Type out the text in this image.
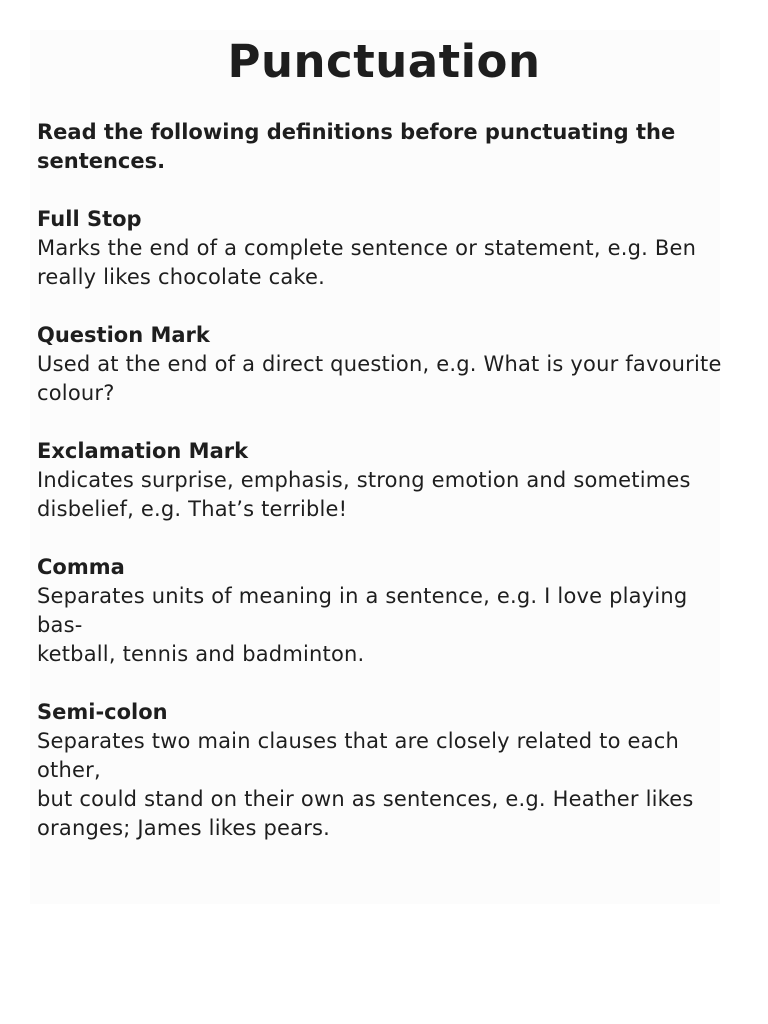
Punctuation

Read the following definitions before punctuating the
sentences.

Full Stop

Marks the end of a complete sentence or statement, e.g. Ben
really likes chocolate cake.

Question Mark

Used at the end of a direct question, e.g. What is your favourite
colour?

Exclamation Mark

Indicates surprise, emphasis, strong emotion and sometimes
disbelief, e.g. That’s terrible!

Comma

Separates units of meaning in a sentence, e.g. I love playing bas-
ketball, tennis and badminton.

Semi-colon

Separates two main clauses that are closely related to each other,
but could stand on their own as sentences, e.g. Heather likes
oranges; James likes pears.
